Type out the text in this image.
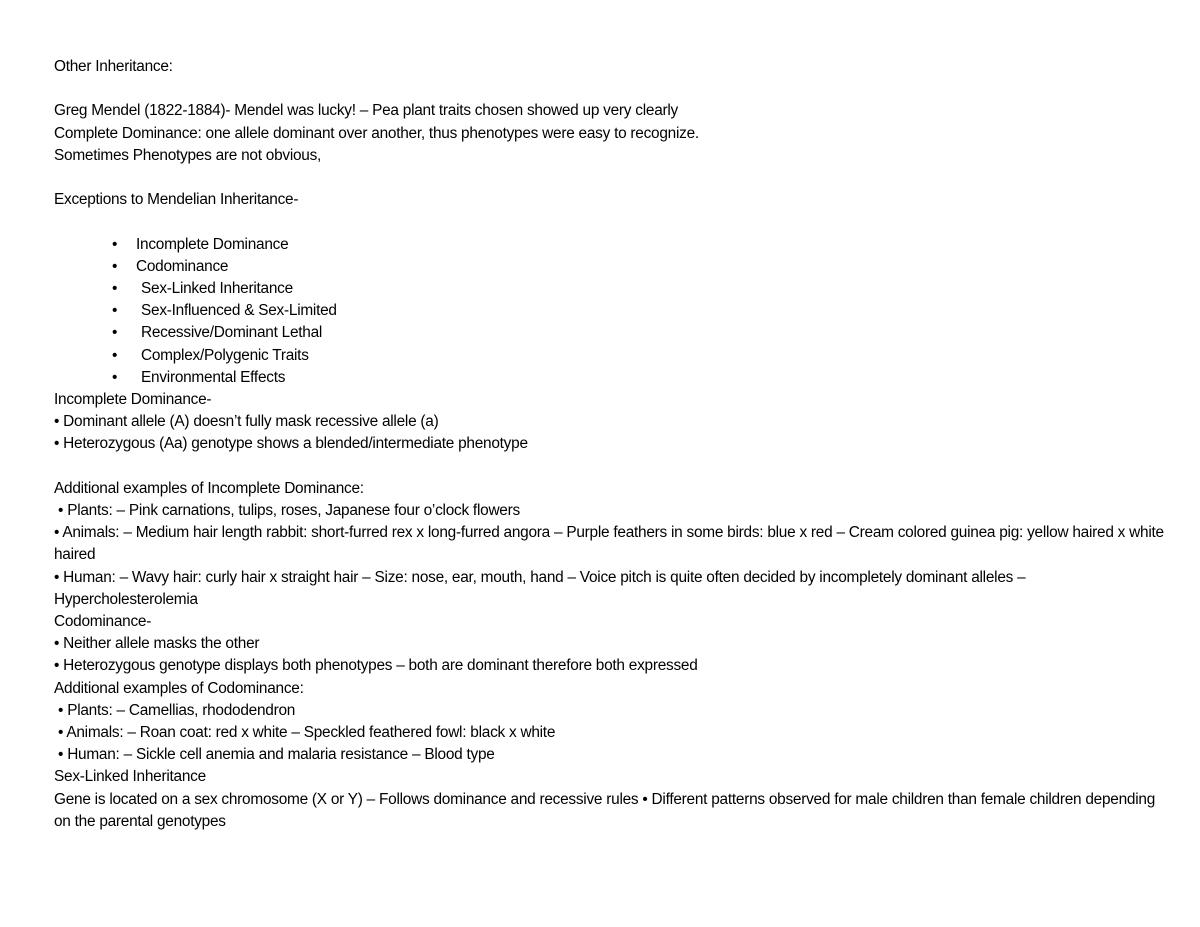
Other Inheritance:

Greg Mendel (1822-1884)- Mendel was lucky! – Pea plant traits chosen showed up very clearly

Complete Dominance: one allele dominant over another, thus phenotypes were easy to recognize.

Sometimes Phenotypes are not obvious,

Exceptions to Mendelian Inheritance-

• Incomplete Dominance
• Codominance
• Sex-Linked Inheritance
• Sex-Influenced & Sex-Limited
• Recessive/Dominant Lethal
• Complex/Polygenic Traits
• Environmental Effects

Incomplete Dominance-

• Dominant allele (A) doesn’t fully mask recessive allele (a)

• Heterozygous (Aa) genotype shows a blended/intermediate phenotype

Additional examples of Incomplete Dominance:

• Plants: – Pink carnations, tulips, roses, Japanese four o’clock flowers

• Animals: – Medium hair length rabbit: short-furred rex x long-furred angora – Purple feathers in some birds: blue x red – Cream colored guinea pig: yellow haired x white haired

• Human: – Wavy hair: curly hair x straight hair – Size: nose, ear, mouth, hand – Voice pitch is quite often decided by incompletely dominant alleles – Hypercholesterolemia

Codominance-

• Neither allele masks the other

• Heterozygous genotype displays both phenotypes – both are dominant therefore both expressed

Additional examples of Codominance:

• Plants: – Camellias, rhododendron

• Animals: – Roan coat: red x white – Speckled feathered fowl: black x white

• Human: – Sickle cell anemia and malaria resistance – Blood type

Sex-Linked Inheritance

Gene is located on a sex chromosome (X or Y) – Follows dominance and recessive rules • Different patterns observed for male children than female children depending on the parental genotypes
